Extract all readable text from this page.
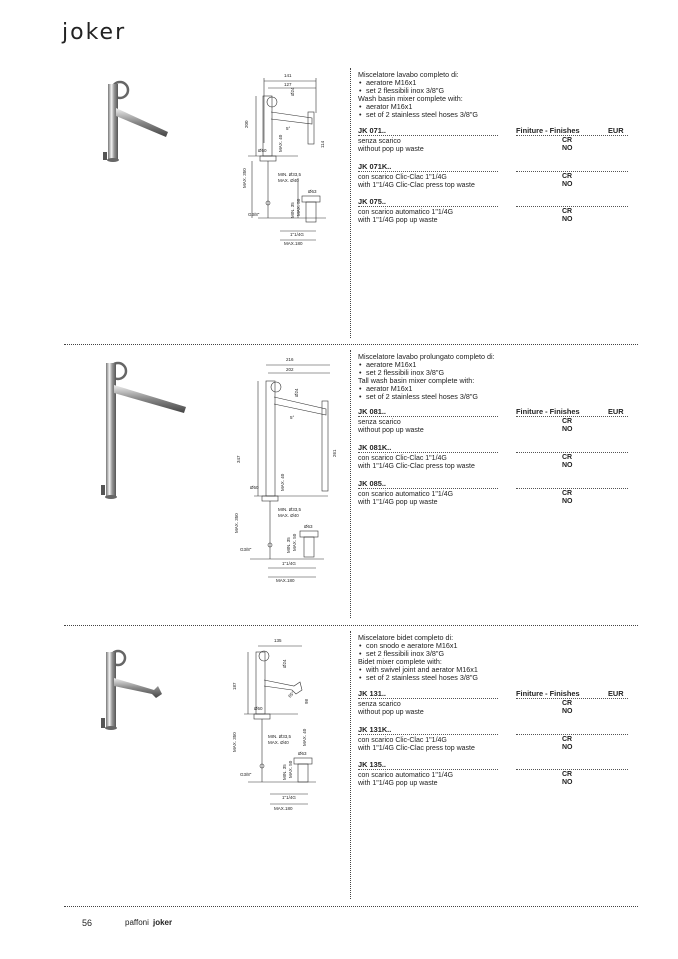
joker
141
127
Ø24
200
5°
114
MAX. 40
Ø50
MAX. 350	MIN. Ø33,5
MAX. Ø40
Ø63
G3/8"	MIN. 35 MAX. 50
1"1/4G
MAX.180

Miscelatore lavabo completo di:

• aeratore M16x1
• set 2 flessibili inox 3/8"G

Wash basin mixer complete with:

• aerator M16x1
• set of 2 stainless steel hoses 3/8"G
JK 071..	Finiture - Finishes	EUR
senza scarico
without pop up waste
CR
NO
JK 071K..
con scarico Clic-Clac 1"1/4G
with 1"1/4G Clic-Clac press top waste
CR
NO
JK 075..
con scarico automatico 1"1/4G
with 1"1/4G pop up waste
CR
NO
216
202
Ø24
347
5°
261
MAX. 40
Ø50
MAX. 350
MIN. Ø33,5
MAX. Ø40
Ø63
G3/8"	MIN. 35 MAX. 50
1"1/4G
MAX.180

Miscelatore lavabo prolungato completo di:

• aeratore M16x1
• set 2 flessibili inox 3/8"G

Tall wash basin mixer complete with:

• aerator M16x1
• set of 2 stainless steel hoses 3/8"G
JK 081..	Finiture - Finishes	EUR
senza scarico
without pop up waste
CR
NO
JK 081K..
con scarico Clic-Clac 1"1/4G
with 1"1/4G Clic-Clac press top waste
CR
NO
JK 085..
con scarico automatico 1"1/4G
with 1"1/4G pop up waste
CR
NO
135
Ø24
187
65°
98
MAX. 40
Ø50
MAX. 350	MIN. Ø33,5
MAX. Ø40
Ø63
G3/8"	MIN. 35 MAX. 50
1"1/4G
MAX.180

Miscelatore bidet completo di:

• con snodo e aeratore M16x1
• set 2 flessibili inox 3/8"G

Bidet mixer complete with:

• with swivel joint and aerator M16x1
• set of 2 stainless steel hoses 3/8"G
JK 131..	Finiture - Finishes	EUR
senza scarico
without pop up waste
CR
NO
JK 131K..
con scarico Clic-Clac 1"1/4G
with 1"1/4G Clic-Clac press top waste
CR
NO
JK 135..
con scarico automatico 1"1/4G
with 1"1/4G pop up waste
CR
NO
56	paffoni joker
